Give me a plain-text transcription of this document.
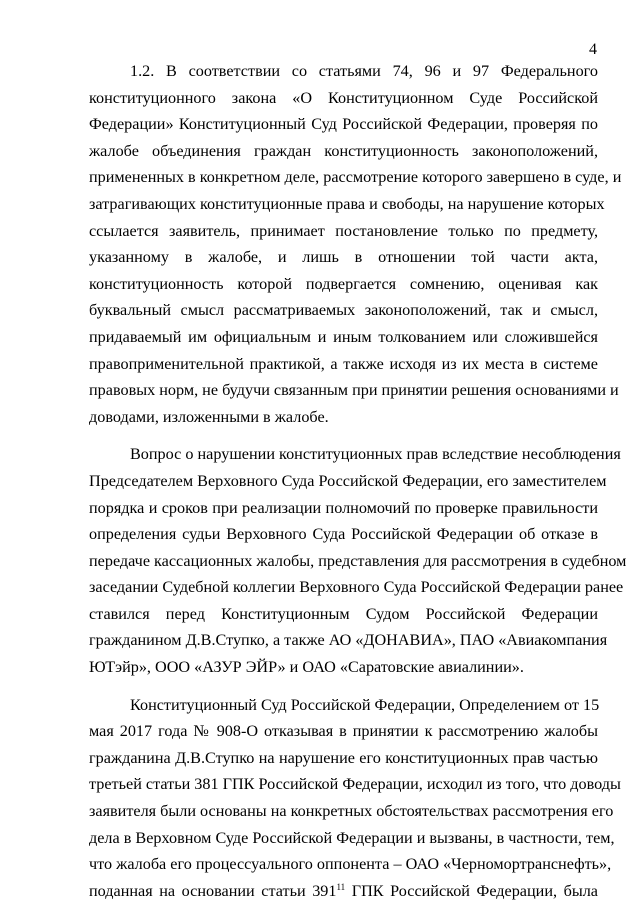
4

1.2. В соответствии со статьями 74, 96 и 97 Федерального
конституционного закона «О Конституционном Суде Российской
Федерации» Конституционный Суд Российской Федерации, проверяя по
жалобе объединения граждан конституционность законоположений,
примененных в конкретном деле, рассмотрение которого завершено в суде, и
затрагивающих конституционные права и свободы, на нарушение которых
ссылается заявитель, принимает постановление только по предмету,
указанному в жалобе, и лишь в отношении той части акта,
конституционность которой подвергается сомнению, оценивая как
буквальный смысл рассматриваемых законоположений, так и смысл,
придаваемый им официальным и иным толкованием или сложившейся
правоприменительной практикой, а также исходя из их места в системе
правовых норм, не будучи связанным при принятии решения основаниями и
доводами, изложенными в жалобе.

Вопрос о нарушении конституционных прав вследствие несоблюдения
Председателем Верховного Суда Российской Федерации, его заместителем
порядка и сроков при реализации полномочий по проверке правильности
определения судьи Верховного Суда Российской Федерации об отказе в
передаче кассационных жалобы, представления для рассмотрения в судебном
заседании Судебной коллегии Верховного Суда Российской Федерации ранее
ставился перед Конституционным Судом Российской Федерации
гражданином Д.В.Ступко, а также АО «ДОНАВИА», ПАО «Авиакомпания
ЮТэйр», ООО «АЗУР ЭЙР» и ОАО «Саратовские авиалинии».

Конституционный Суд Российской Федерации, Определением от 15
мая 2017 года № 908-О отказывая в принятии к рассмотрению жалобы
гражданина Д.В.Ступко на нарушение его конституционных прав частью
третьей статьи 381 ГПК Российской Федерации, исходил из того, что доводы
заявителя были основаны на конкретных обстоятельствах рассмотрения его
дела в Верховном Суде Российской Федерации и вызваны, в частности, тем,
что жалоба его процессуального оппонента – ОАО «Черномортранснефть»,
поданная на основании статьи $391^{11}$ ГПК Российской Федерации, была
